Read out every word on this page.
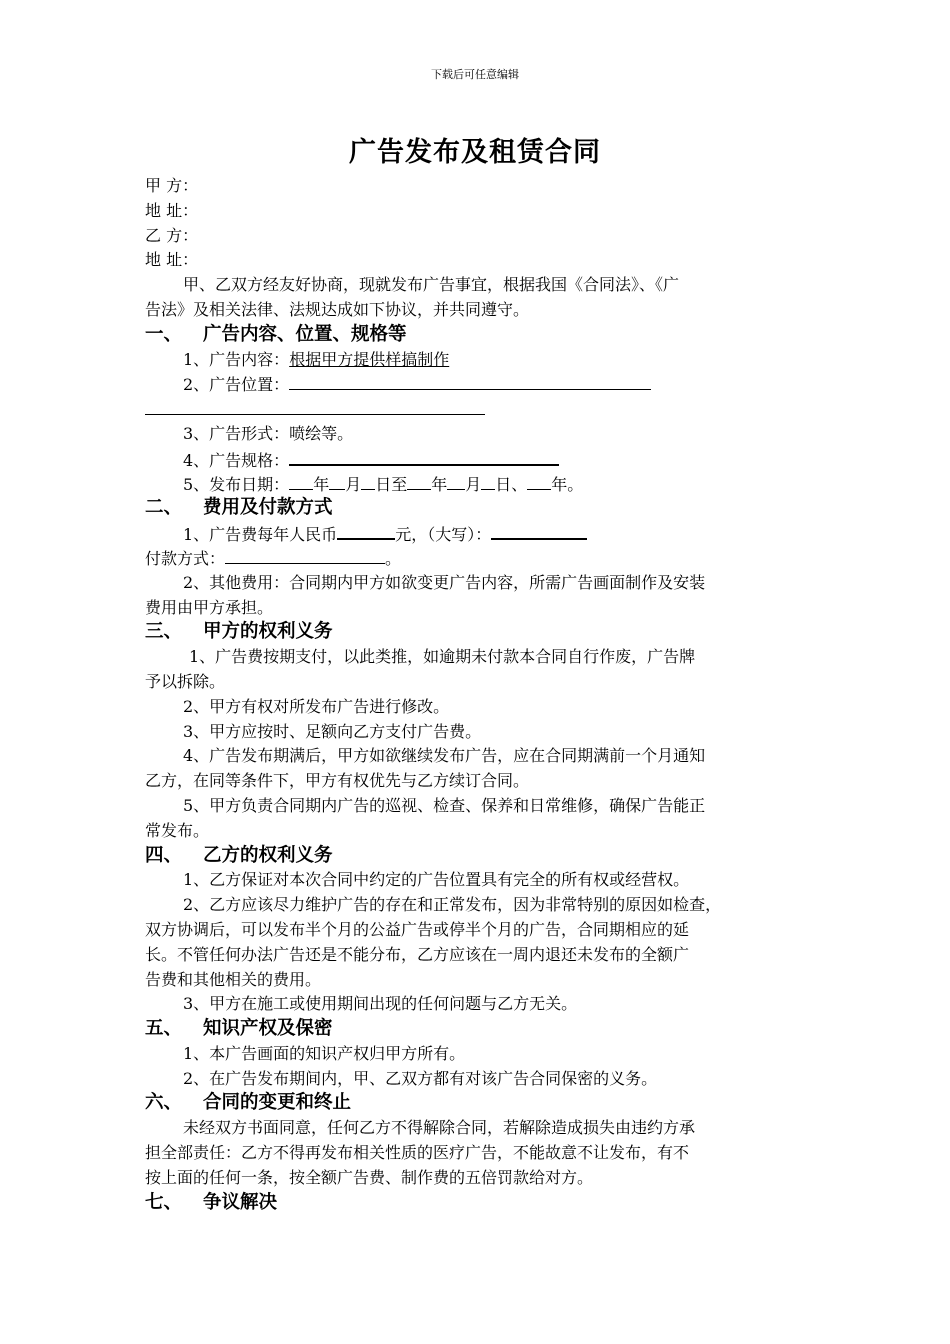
下载后可任意编辑
广告发布及租赁合同
甲 方：
地 址：
乙 方：
地 址：
甲、乙双方经友好协商，现就发布广告事宜，根据我国《合同法》、《广
告法》及相关法律、法规达成如下协议，并共同遵守。
一、 广告内容、位置、规格等
1、广告内容：根据甲方提供样搞制作
2、广告位置：
3、广告形式：喷绘等。
4、广告规格：
5、发布日期： 年 月 日至 年 月 日、 年。
二、 费用及付款方式
1、广告费每年人民币	元，（大写）：
付款方式：	。
2、其他费用：合同期内甲方如欲变更广告内容，所需广告画面制作及安装
费用由甲方承担。
三、 甲方的权利义务
1、广告费按期支付，以此类推，如逾期未付款本合同自行作废，广告牌
予以拆除。
2、甲方有权对所发布广告进行修改。
3、甲方应按时、足额向乙方支付广告费。
4、广告发布期满后，甲方如欲继续发布广告，应在合同期满前一个月通知
乙方，在同等条件下，甲方有权优先与乙方续订合同。
5、甲方负责合同期内广告的巡视、检查、保养和日常维修，确保广告能正
常发布。
四、 乙方的权利义务
1、乙方保证对本次合同中约定的广告位置具有完全的所有权或经营权。
2、乙方应该尽力维护广告的存在和正常发布，因为非常特别的原因如检查，
双方协调后，可以发布半个月的公益广告或停半个月的广告，合同期相应的延
长。不管任何办法广告还是不能分布，乙方应该在一周内退还未发布的全额广
告费和其他相关的费用。
3、甲方在施工或使用期间出现的任何问题与乙方无关。
五、 知识产权及保密
1、本广告画面的知识产权归甲方所有。
2、在广告发布期间内，甲、乙双方都有对该广告合同保密的义务。
六、 合同的变更和终止
未经双方书面同意，任何乙方不得解除合同，若解除造成损失由违约方承
担全部责任：乙方不得再发布相关性质的医疗广告，不能故意不让发布，有不
按上面的任何一条，按全额广告费、制作费的五倍罚款给对方。
七、 争议解决
